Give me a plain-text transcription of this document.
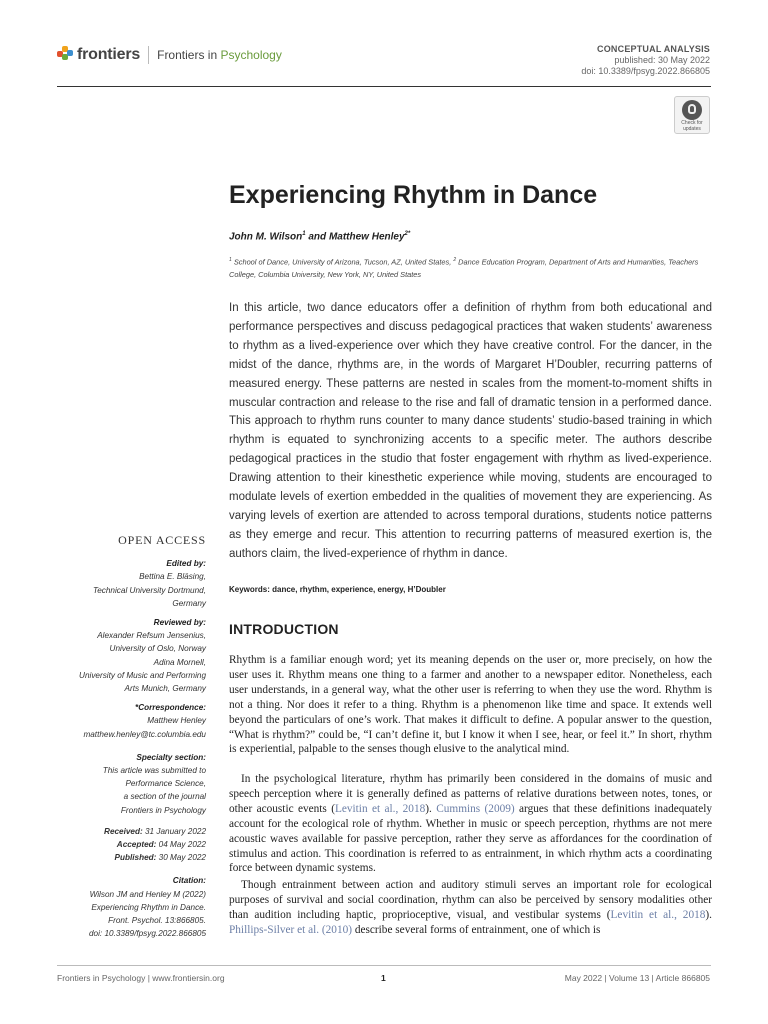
frontiers Frontiers in Psychology	CONCEPTUAL ANALYSIS
published: 30 May 2022
doi: 10.3389/fpsyg.2022.866805
Check for
updates
Experiencing Rhythm in Dance
John M. Wilson$^1$ and Matthew Henley$^{2*}$
$^1$ School of Dance, University of Arizona, Tucson, AZ, United States, $^2$ Dance Education Program, Department of Arts and Humanities, Teachers College, Columbia University, New York, NY, United States

In this article, two dance educators offer a definition of rhythm from both educational and performance perspectives and discuss pedagogical practices that waken students’ awareness to rhythm as a lived-experience over which they have creative control. For the dancer, in the midst of the dance, rhythms are, in the words of Margaret H’Doubler, recurring patterns of measured energy. These patterns are nested in scales from the moment-to-moment shifts in muscular contraction and release to the rise and fall of dramatic tension in a performed dance. This approach to rhythm runs counter to many dance students’ studio-based training in which rhythm is equated to synchronizing accents to a specific meter. The authors describe pedagogical practices in the studio that foster engagement with rhythm as lived-experience. Drawing attention to their kinesthetic experience while moving, students are encouraged to modulate levels of exertion embedded in the qualities of movement they are experiencing. As varying levels of exertion are attended to across temporal durations, students notice patterns as they emerge and recur. This attention to recurring patterns of measured exertion is, the authors claim, the lived-experience of rhythm in dance.

Keywords: dance, rhythm, experience, energy, H’Doubler
INTRODUCTION

Rhythm is a familiar enough word; yet its meaning depends on the user or, more precisely, on how the user uses it. Rhythm means one thing to a farmer and another to a newspaper editor. Nonetheless, each user understands, in a general way, what the other user is referring to when they use the word. Rhythm is not a thing. Nor does it refer to a thing. Rhythm is a phenomenon like time and space. It extends well beyond the particulars of one’s work. That makes it difficult to define. A popular answer to the question, “What is rhythm?” could be, “I can’t define it, but I know it when I see, hear, or feel it.” In short, rhythm is experiential, palpable to the senses though elusive to the analytical mind.

In the psychological literature, rhythm has primarily been considered in the domains of music and speech perception where it is generally defined as patterns of relative durations between notes, tones, or other acoustic events (Levitin et al., 2018). Cummins (2009) argues that these definitions inadequately account for the ecological role of rhythm. Whether in music or speech perception, rhythms are not mere acoustic waves available for passive perception, rather they serve as affordances for the coordination of stimulus and action. This coordination is referred to as entrainment, in which rhythm acts a coordinating force between dynamic systems.

Though entrainment between action and auditory stimuli serves an important role for ecological purposes of survival and social coordination, rhythm can also be perceived by sensory modalities other than audition including haptic, proprioceptive, visual, and vestibular systems (Levitin et al., 2018). Phillips-Silver et al. (2010) describe several forms of entrainment, one of which is

OPEN ACCESS
Edited by:
Bettina E. Bläsing,
Technical University Dortmund,
Germany
Reviewed by:
Alexander Refsum Jensenius,
University of Oslo, Norway
Adina Mornell,
University of Music and Performing
Arts Munich, Germany
*Correspondence:
Matthew Henley
matthew.henley@tc.columbia.edu
Specialty section:
This article was submitted to
Performance Science,
a section of the journal
Frontiers in Psychology
Received: 31 January 2022
Accepted: 04 May 2022
Published: 30 May 2022
Citation:
Wilson JM and Henley M (2022)
Experiencing Rhythm in Dance.
Front. Psychol. 13:866805.
doi: 10.3389/fpsyg.2022.866805
Frontiers in Psychology | www.frontiersin.org	1	May 2022 | Volume 13 | Article 866805
